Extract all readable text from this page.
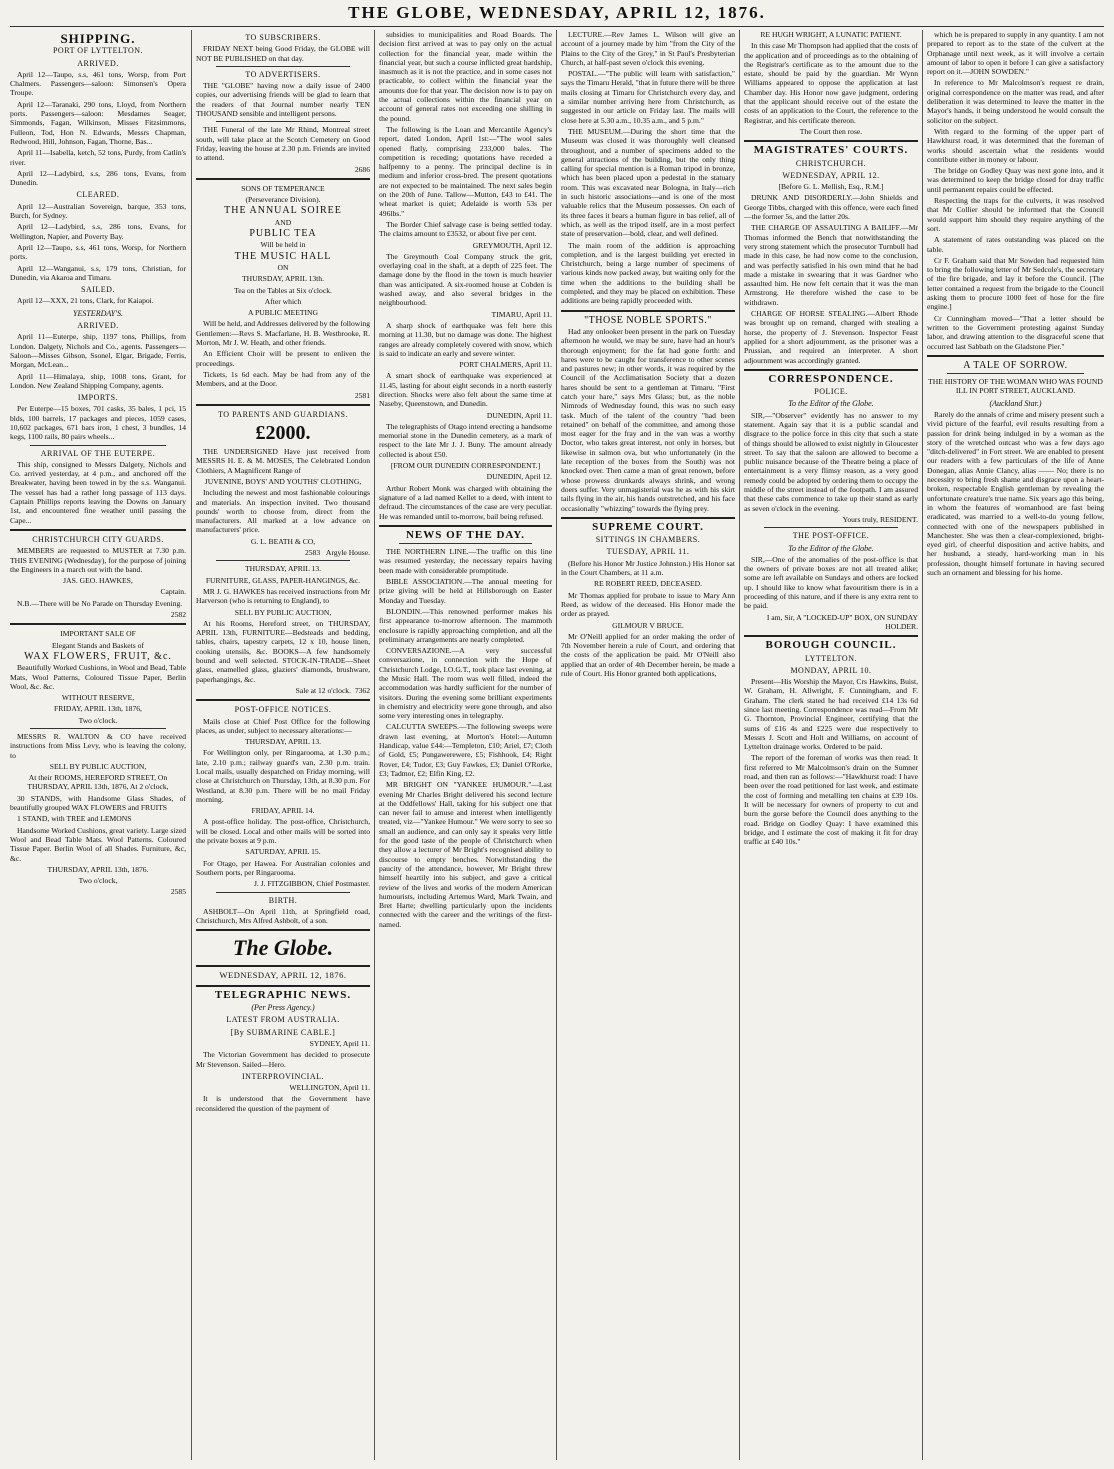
THE GLOBE, WEDNESDAY, APRIL 12, 1876.
SHIPPING.
PORT OF LYTTELTON.
ARRIVED.

April 12—Taupo, s.s, 461 tons, Worsp, from Port Chalmers. Passengers—saloon: Simonsen's Opera Troupe.

April 12—Taranaki, 290 tons, Lloyd, from Northern ports. Passengers—saloon: Mesdames Seager, Simmonds, Fagan, Wilkinson, Misses Fitzsimmons, Fulleon, Tod, Hon N. Edwards, Messrs Chapman, Redwood, Hill, Johnson, Fagan, Thorne, Bas...

April 11—Isabella, ketch, 52 tons, Purdy, from Catlin's river.

April 12—Ladybird, s.s, 286 tons, Evans, from Dunedin.

CLEARED.

April 12—Australian Sovereign, barque, 353 tons, Burch, for Sydney.

April 12—Ladybird, s.s, 286 tons, Evans, for Wellington, Napier, and Poverty Bay.

April 12—Taupo, s.s, 461 tons, Worsp, for Northern ports.

April 12—Wanganui, s.s, 179 tons, Christian, for Dunedin, via Akaroa and Timaru.

SAILED.

April 12—XXX, 21 tons, Clark, for Kaiapoi.

YESTERDAY'S.
ARRIVED.

April 11—Euterpe, ship, 1197 tons, Phillips, from London. Dalgety, Nichols and Co., agents. Passengers—Saloon—Misses Gibson, Ssonel, Elgar, Brigade, Ferris, Morgan, McLean...

April 11—Himalaya, ship, 1008 tons, Grant, for London. New Zealand Shipping Company, agents.

IMPORTS.

Per Euterpe—15 boxes, 701 casks, 35 bales, 1 pci, 15 blds, 100 barrels, 17 packages and pieces, 1059 cases, 10,602 packages, 671 bars iron, 1 chest, 3 bundles, 14 kegs, 1100 rails, 80 pairs wheels...

ARRIVAL OF THE EUTERPE.

This ship, consigned to Messrs Dalgety, Nichols and Co. arrived yesterday, at 4 p.m., and anchored off the Breakwater, having been towed in by the s.s. Wanganui. The vessel has had a rather long passage of 113 days. Captain Phillips reports leaving the Downs on January 1st, and encountered fine weather until passing the Cape...

CHRISTCHURCH CITY GUARDS.

MEMBERS are requested to MUSTER at 7.30 p.m. THIS EVENING (Wednesday), for the purpose of joining the Engineers in a march out with the band.

JAS. GEO. HAWKES,

Captain.

N.B.—There will be No Parade on Thursday Evening.

2582

IMPORTANT SALE OF

Elegant Stands and Baskets of

WAX FLOWERS, FRUIT, &c.

Beautifully Worked Cushions, in Wool and Bead, Table Mats, Wool Patterns, Coloured Tissue Paper, Berlin Wool, &c. &c.

WITHOUT RESERVE,

FRIDAY, APRIL 13th, 1876,

Two o'clock.

MESSRS R. WALTON & CO have received instructions from Miss Levy, who is leaving the colony, to

SELL BY PUBLIC AUCTION,

At their ROOMS, HEREFORD STREET, On THURSDAY, APRIL 13th, 1876, At 2 o'clock,

30 STANDS, with Handsome Glass Shades, of beautifully grouped WAX FLOWERS and FRUITS

1 STAND, with TREE and LEMONS

Handsome Worked Cushions, great variety. Large sized Wool and Bead Table Mats. Wool Patterns. Coloured Tissue Paper. Berlin Wool of all Shades. Furniture, &c, &c.

THURSDAY, APRIL 13th, 1876.

Two o'clock,

2585

TO SUBSCRIBERS.

FRIDAY NEXT being Good Friday, the GLOBE will NOT BE PUBLISHED on that day.

TO ADVERTISERS.

THE "GLOBE" having now a daily issue of 2400 copies, our advertising friends will be glad to learn that the readers of that Journal number nearly TEN THOUSAND sensible and intelligent persons.

THE Funeral of the late Mr Rhind, Montreal street south, will take place at the Scotch Cemetery on Good Friday, leaving the house at 2.30 p.m. Friends are invited to attend.

2686

SONS OF TEMPERANCE

(Perseverance Division).

THE ANNUAL SOIREE

AND

PUBLIC TEA

Will be held in

THE MUSIC HALL

ON

THURSDAY, APRIL 13th.

Tea on the Tables at Six o'clock.

After which

A PUBLIC MEETING

Will be held, and Addresses delivered by the following Gentlemen:—Revs S. Macfarlane, H. B. Westbrooke, R. Morton, Mr J. W. Heath, and other friends.

An Efficient Choir will be present to enliven the proceedings.

Tickets, 1s 6d each. May be had from any of the Members, and at the Door.

2581

TO PARENTS AND GUARDIANS.
£2000.

THE UNDERSIGNED Have just received from MESSRS H. E. & M. MOSES, The Celebrated London Clothiers, A Magnificent Range of

JUVENINE, BOYS' AND YOUTHS' CLOTHING,

Including the newest and most fashionable colourings and materials. An inspection invited. Two thousand pounds' worth to choose from, direct from the manufacturers. All marked at a low advance on manufacturers' price.

G. L. BEATH & CO,

2583 Argyle House.

THURSDAY, APRIL 13.

FURNITURE, GLASS, PAPER-HANGINGS, &c.

MR J. G. HAWKES has received instructions from Mr Harverson (who is returning to England), to

SELL BY PUBLIC AUCTION,

At his Rooms, Hereford street, on THURSDAY, APRIL 13th, FURNITURE—Bedsteads and bedding, tables, chairs, tapestry carpets, 12 x 10, house linen, cooking utensils, &c. BOOKS—A few handsomely bound and well selected. STOCK-IN-TRADE—Sheet glass, enamelled glass, glaziers' diamonds, brushware, paperhangings, &c.

Sale at 12 o'clock. 7362

POST-OFFICE NOTICES.

Mails close at Chief Post Office for the following places, as under, subject to necessary alterations:—

THURSDAY, APRIL 13.

For Wellington only, per Ringarooma, at 1.30 p.m.; late, 2.10 p.m.; railway guard's van, 2.30 p.m. train. Local mails, usually despatched on Friday morning, will close at Christchurch on Thursday, 13th, at 8.30 p.m. For Westland, at 8.30 p.m. There will be no mail Friday morning.

FRIDAY, APRIL 14.

A post-office holiday. The post-office, Christchurch, will be closed. Local and other mails will be sorted into the private boxes at 9 p.m.

SATURDAY, APRIL 15.

For Otago, per Hawea. For Australian colonies and Southern ports, per Ringarooma.

J. J. FITZGIBBON, Chief Postmaster.

BIRTH.

ASHBOLT—On April 11th, at Springfield road, Christchurch, Mrs Alfred Ashbolt, of a son.

The Globe.
WEDNESDAY, APRIL 12, 1876.
TELEGRAPHIC NEWS.
(Per Press Agency.)
LATEST FROM AUSTRALIA.
[By SUBMARINE CABLE.]

SYDNEY, April 11.

The Victorian Government has decided to prosecute Mr Stevenson. Sailed—Hero.

INTERPROVINCIAL.

WELLINGTON, April 11.

It is understood that the Government have reconsidered the question of the payment of

subsidies to municipalities and Road Boards. The decision first arrived at was to pay only on the actual collection for the financial year, made within the financial year, but such a course inflicted great hardship, inasmuch as it is not the practice, and in some cases not practicable, to collect within the financial year the amounts due for that year. The decision now is to pay on the actual collections within the financial year on account of general rates not exceeding one shilling in the pound.

The following is the Loan and Mercantile Agency's report, dated London, April 1st:—"The wool sales opened flatly, comprising 233,000 bales. The competition is receding; quotations have receded a halfpenny to a penny. The principal decline is in medium and inferior cross-bred. The present quotations are not expected to be maintained. The next sales begin on the 20th of June. Tallow—Mutton, £43 to £41. The wheat market is quiet; Adelaide is worth 53s per 496lbs."

The Border Chief salvage case is being settled today. The claims amount to £3532, or about five per cent.

GREYMOUTH, April 12.

The Greymouth Coal Company struck the grit, overlaying coal in the shaft, at a depth of 225 feet. The damage done by the flood in the town is much heavier than was anticipated. A six-roomed house at Cobden is washed away, and also several bridges in the neighbourhood.

TIMARU, April 11.

A sharp shock of earthquake was felt here this morning at 11.30, but no damage was done. The highest ranges are already completely covered with snow, which is said to indicate an early and severe winter.

PORT CHALMERS, April 11.

A smart shock of earthquake was experienced at 11.45, lasting for about eight seconds in a north easterly direction. Shocks were also felt about the same time at Naseby, Queenstown, and Dunedin.

DUNEDIN, April 11.

The telegraphists of Otago intend erecting a handsome memorial stone in the Dunedin cemetery, as a mark of respect to the late Mr J. J. Buny. The amount already collected is about £50.

[FROM OUR DUNEDIN CORRESPONDENT.]

DUNEDIN, April 12.

Arthur Robert Monk was charged with obtaining the signature of a lad named Kellet to a deed, with intent to defraud. The circumstances of the case are very peculiar. He was remanded until to-morrow, bail being refused.

NEWS OF THE DAY.

THE NORTHERN LINE.—The traffic on this line was resumed yesterday, the necessary repairs having been made with considerable promptitude.

BIBLE ASSOCIATION.—The annual meeting for prize giving will be held at Hillsborough on Easter Monday and Tuesday.

BLONDIN.—This renowned performer makes his first appearance to-morrow afternoon. The mammoth enclosure is rapidly approaching completion, and all the preliminary arrangements are nearly completed.

CONVERSAZIONE.—A very successful conversazione, in connection with the Hope of Christchurch Lodge, I.O.G.T., took place last evening, at the Music Hall. The room was well filled, indeed the accommodation was hardly sufficient for the number of visitors. During the evening some brilliant experiments in chemistry and electricity were gone through, and also some very interesting ones in telegraphy.

CALCUTTA SWEEPS.—The following sweeps were drawn last evening, at Morton's Hotel:—Autumn Handicap, value £44:—Templeton, £10; Ariel, £7; Cloth of Gold, £5; Pungawerewere, £5; Fishhook, £4; Right Rover, £4; Tudor, £3; Guy Fawkes, £3; Daniel O'Rorke, £3; Tadmor, £2; Elfin King, £2.

MR BRIGHT ON "YANKEE HUMOUR."—Last evening Mr Charles Bright delivered his second lecture at the Oddfellows' Hall, taking for his subject one that can never fail to amuse and interest when intelligently treated, viz—"Yankee Humour." We were sorry to see so small an audience, and can only say it speaks very little for the good taste of the people of Christchurch when they allow a lecturer of Mr Bright's recognised ability to discourse to empty benches. Notwithstanding the paucity of the attendance, however, Mr Bright threw himself heartily into his subject, and gave a critical review of the lives and works of the modern American humourists, including Artemus Ward, Mark Twain, and Bret Harte; dwelling particularly upon the incidents connected with the career and the writings of the first-named.

LECTURE.—Rev James L. Wilson will give an account of a journey made by him "from the City of the Plains to the City of the Grey," in St Paul's Presbyterian Church, at half-past seven o'clock this evening.

POSTAL.—"The public will learn with satisfaction," says the Timaru Herald, "that in future there will be three mails closing at Timaru for Christchurch every day, and a similar number arriving here from Christchurch, as suggested in our article on Friday last. The mails will close here at 5.30 a.m., 10.35 a.m., and 5 p.m."

THE MUSEUM.—During the short time that the Museum was closed it was thoroughly well cleansed throughout, and a number of specimens added to the general attractions of the building, but the only thing calling for special mention is a Roman tripod in bronze, which has been placed upon a pedestal in the statuary room. This was excavated near Bologna, in Italy—rich in such historic associations—and is one of the most valuable relics that the Museum possesses. On each of its three faces it bears a human figure in bas relief, all of which, as well as the tripod itself, are in a most perfect state of preservation—bold, clear, and well defined.

The main room of the addition is approaching completion, and is the largest building yet erected in Christchurch, being a large number of specimens of various kinds now packed away, but waiting only for the time when the additions to the building shall be completed, and they may be placed on exhibition. These additions are being rapidly proceeded with.

"THOSE NOBLE SPORTS."

Had any onlooker been present in the park on Tuesday afternoon he would, we may be sure, have had an hour's thorough enjoyment; for the fat had gone forth: and hares were to be caught for transference to other scenes and pastures new; in other words, it was required by the Council of the Acclimatisation Society that a dozen hares should be sent to a gentleman at Timaru. "First catch your hare," says Mrs Glass; but, as the noble Nimrods of Wednesday found, this was no such easy task. Much of the talent of the country "had been retained" on behalf of the committee, and among those most eager for the fray and in the van was a worthy Doctor, who takes great interest, not only in horses, but likewise in salmon ova, but who unfortunately (in the late reception of the boxes from the South) was not knocked over. Then came a man of great renown, before whose prowess drunkards always shrink, and wrong doers suffer. Very unmagisterial was he as with his skirt tails flying in the air, his hands outstretched, and his face occasionally "whizzing" towards the flying prey.

SUPREME COURT.
SITTINGS IN CHAMBERS.
TUESDAY, APRIL 11.

(Before his Honor Mr Justice Johnston.) His Honor sat in the Court Chambers, at 11 a.m.

RE ROBERT REED, DECEASED.

Mr Thomas applied for probate to issue to Mary Ann Reed, as widow of the deceased. His Honor made the order as prayed.

GILMOUR V BRUCE.

Mr O'Neill applied for an order making the order of 7th November herein a rule of Court, and ordering that the costs of the application be paid. Mr O'Neill also applied that an order of 4th December herein, be made a rule of Court. His Honor granted both applications,

RE HUGH WRIGHT, A LUNATIC PATIENT.

In this case Mr Thompson had applied that the costs of the application and of proceedings as to the obtaining of the Registrar's certificate as to the amount due to the estate, should be paid by the guardian. Mr Wynn Williams appeared to oppose the application at last Chamber day. His Honor now gave judgment, ordering that the applicant should receive out of the estate the costs of an application to the Court, the reference to the Registrar, and his certificate thereon.

The Court then rose.

MAGISTRATES' COURTS.
CHRISTCHURCH.
WEDNESDAY, APRIL 12.

[Before G. L. Mellish, Esq., R.M.]

DRUNK AND DISORDERLY.—John Shields and George Tibbs, charged with this offence, were each fined—the former 5s, and the latter 20s.

THE CHARGE OF ASSAULTING A BAILIFF.—Mr Thomas informed the Bench that notwithstanding the very strong statement which the prosecutor Turnbull had made in this case, he had now come to the conclusion, and was perfectly satisfied in his own mind that he had made a mistake in swearing that it was Gardner who assaulted him. He now felt certain that it was the man Armstrong. He therefore wished the case to be withdrawn.

CHARGE OF HORSE STEALING.—Albert Rhode was brought up on remand, charged with stealing a horse, the property of J. Stevenson. Inspector Feast applied for a short adjournment, as the prisoner was a Prussian, and required an interpreter. A short adjournment was accordingly granted.

CORRESPONDENCE.
POLICE.
To the Editor of the Globe.

SIR,—"Observer" evidently has no answer to my statement. Again say that it is a public scandal and disgrace to the police force in this city that such a state of things should be allowed to exist nightly in Gloucester street. To say that the saloon are allowed to become a public nuisance because of the Theatre being a place of entertainment is a very flimsy reason, as a very good remedy could be adopted by ordering them to occupy the middle of the street instead of the footpath. I am assured that these cabs commence to take up their stand as early as seven o'clock in the evening.

Yours truly, RESIDENT.

THE POST-OFFICE.
To the Editor of the Globe.

SIR,—One of the anomalies of the post-office is that the owners of private boxes are not all treated alike; some are left available on Sundays and others are locked up. I should like to know what favouritism there is in a proceeding of this nature, and if there is any extra rent to be paid.

I am, Sir, A "LOCKED-UP" BOX, ON SUNDAY HOLDER.

BOROUGH COUNCIL.
LYTTELTON.
MONDAY, APRIL 10.

Present—His Worship the Mayor, Crs Hawkins, Buist, W. Graham, H. Allwright, F. Cunningham, and F. Graham. The clerk stated he had received £14 13s 6d since last meeting. Correspondence was read—From Mr G. Thornton, Provincial Engineer, certifying that the sums of £16 4s and £225 were due respectively to Messrs J. Scott and Holt and Williams, on account of Lyttelton drainage works. Ordered to be paid.

The report of the foreman of works was then read. It first referred to Mr Malcolmson's drain on the Sumner road, and then ran as follows:—"Hawkhurst road: I have been over the road petitioned for last week, and estimate the cost of forming and metalling ten chains at £39 10s. It will be necessary for owners of property to cut and burn the gorse before the Council does anything to the road. Bridge on Godley Quay: I have examined this bridge, and I estimate the cost of making it fit for dray traffic at £40 10s."

which he is prepared to supply in any quantity. I am not prepared to report as to the state of the culvert at the Orphanage until next week, as it will involve a certain amount of labor to open it before I can give a satisfactory report on it.—JOHN SOWDEN."

In reference to Mr Malcolmson's request re drain, original correspondence on the matter was read, and after deliberation it was determined to leave the matter in the Mayor's hands, it being understood he would consult the solicitor on the subject.

With regard to the forming of the upper part of Hawkhurst road, it was determined that the foreman of works should ascertain what the residents would contribute either in money or labour.

The bridge on Godley Quay was next gone into, and it was determined to keep the bridge closed for dray traffic until permanent repairs could be effected.

Respecting the traps for the culverts, it was resolved that Mr Collier should be informed that the Council would support him should they require anything of the sort.

A statement of rates outstanding was placed on the table.

Cr F. Graham said that Mr Sowden had requested him to bring the following letter of Mr Sedcole's, the secretary of the fire brigade, and lay it before the Council. [The letter contained a request from the brigade to the Council asking them to procure 1000 feet of hose for the fire engine.]

Cr Cunningham moved—"That a letter should be written to the Government protesting against Sunday labor, and drawing attention to the disgraceful scene that occurred last Sabbath on the Gladstone Pier."

A TALE OF SORROW.

THE HISTORY OF THE WOMAN WHO WAS FOUND ILL IN PORT STREET, AUCKLAND.

(Auckland Star.)

Rarely do the annals of crime and misery present such a vivid picture of the fearful, evil results resulting from a passion for drink being indulged in by a woman as the story of the wretched outcast who was a few days ago "ditch-delivered" in Fort street. We are enabled to present our readers with a few particulars of the life of Anne Donegan, alias Annie Clancy, alias —— No; there is no necessity to bring fresh shame and disgrace upon a heart-broken, respectable English gentleman by revealing the unfortunate creature's true name. Six years ago this being, in whom the features of womanhood are fast being eradicated, was married to a well-to-do young fellow, connected with one of the newspapers published in Manchester. She was then a clear-complexioned, bright-eyed girl, of cheerful disposition and active habits, and her husband, a steady, hard-working man in his profession, thought himself fortunate in having secured such an ornament and blessing for his home.
